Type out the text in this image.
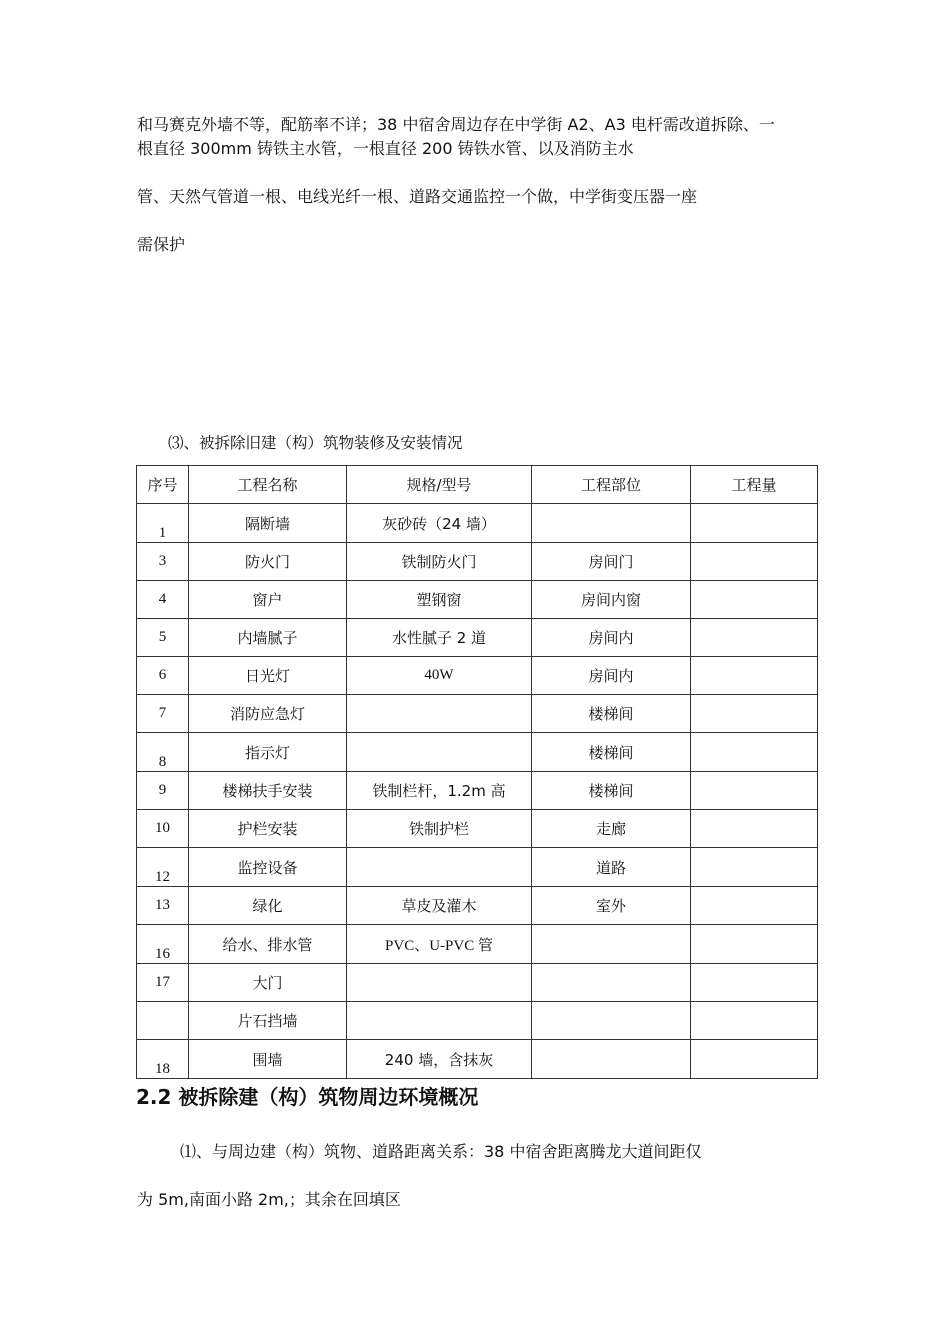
和马赛克外墙不等，配筋率不详；38 中宿舍周边存在中学街 A2、A3 电杆需改道拆除、一

根直径 300mm 铸铁主水管，一根直径 200 铸铁水管、以及消防主水

管、天然气管道一根、电线光纤一根、道路交通监控一个做，中学街变压器一座

需保护

⑶、被拆除旧建（构）筑物装修及安装情况

序号	工程名称	规格/型号	工程部位	工程量
1	隔断墙	灰砂砖（24 墙）		
3	防火门	铁制防火门	房间门	
4	窗户	塑钢窗	房间内窗	
5	内墙腻子	水性腻子 2 道	房间内	
6	日光灯	40W	房间内	
7	消防应急灯		楼梯间	
8	指示灯		楼梯间	
9	楼梯扶手安装	铁制栏杆，1.2m 高	楼梯间	
10	护栏安装	铁制护栏	走廊	
12	监控设备		道路	
13	绿化	草皮及灌木	室外	
16	给水、排水管	PVC、U-PVC 管		
17	大门			
	片石挡墙			
18	围墙	240 墙，含抹灰		
2.2 被拆除建（构）筑物周边环境概况

⑴、与周边建（构）筑物、道路距离关系：38 中宿舍距离腾龙大道间距仅

为 5m,南面小路 2m,；其余在回填区
